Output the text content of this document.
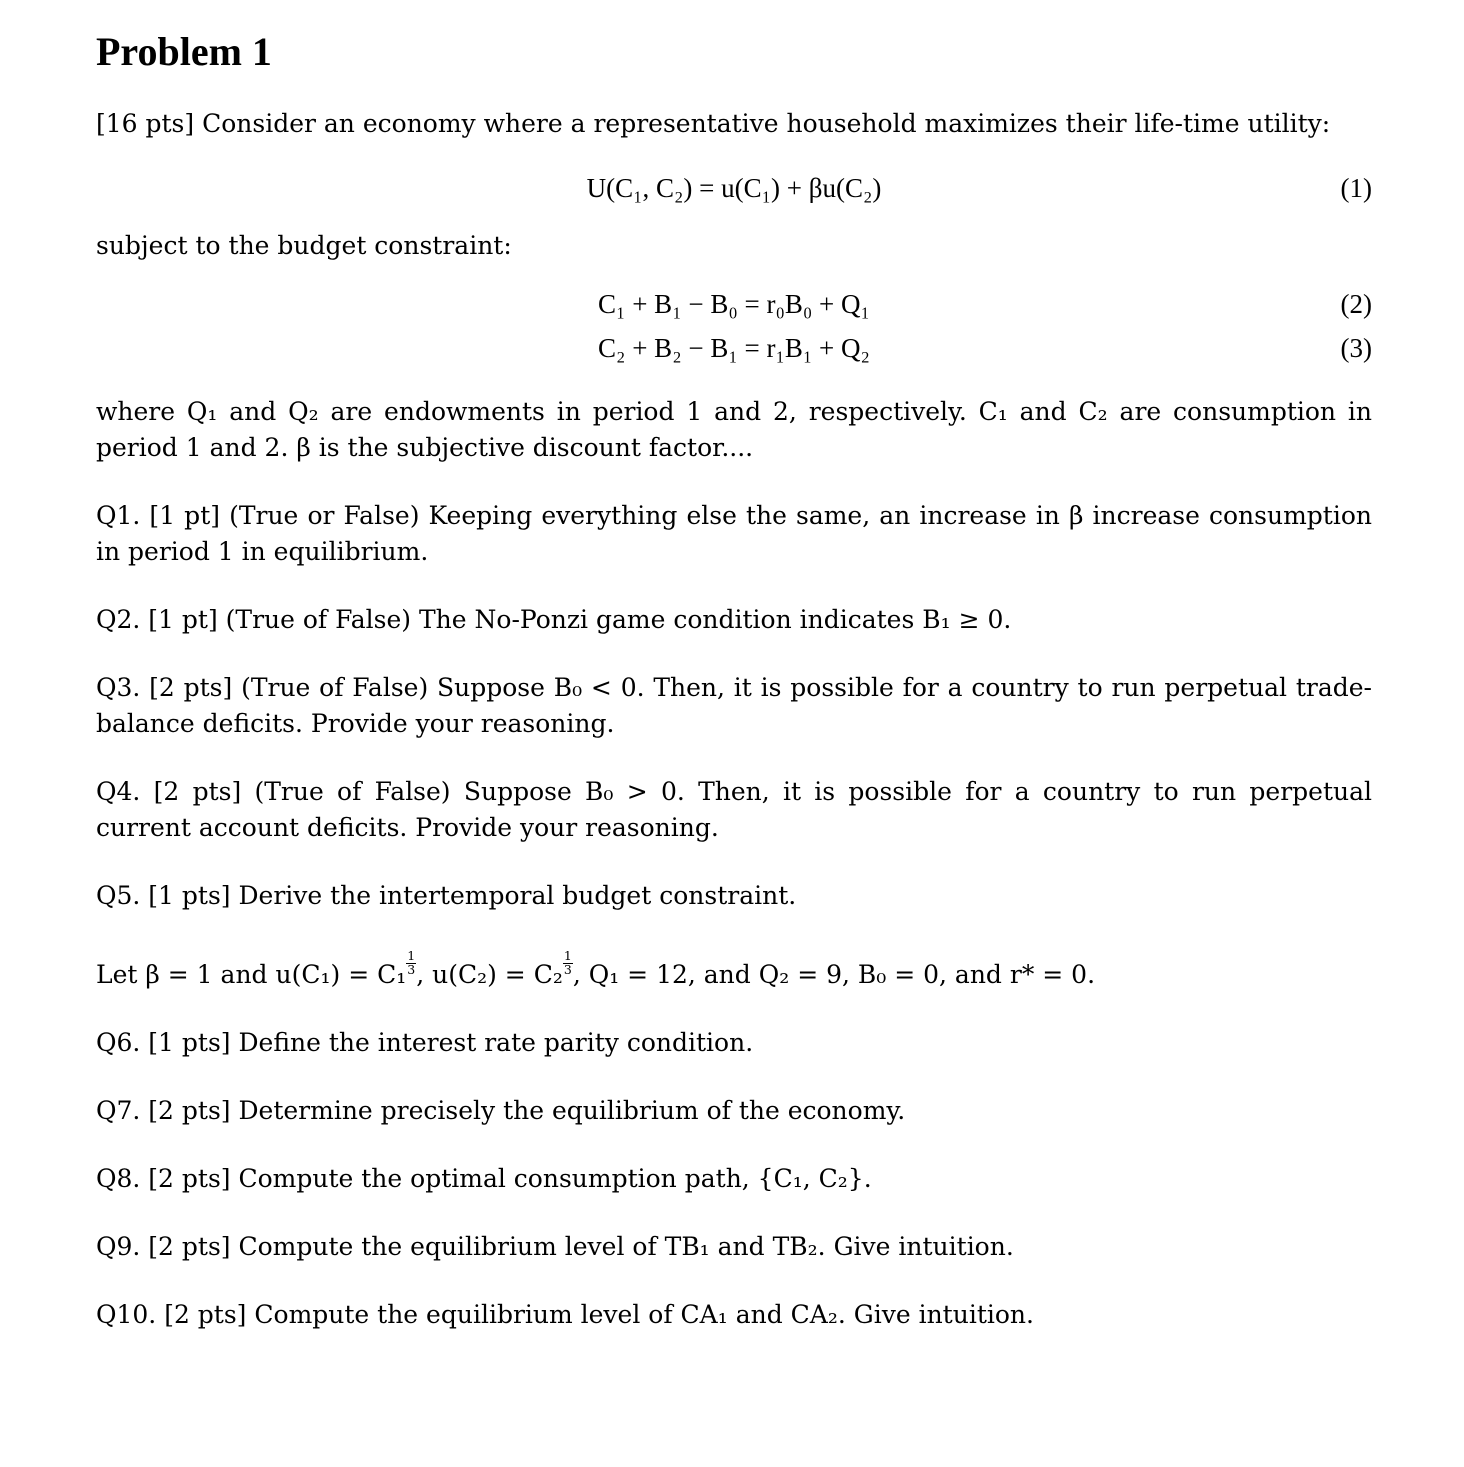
Problem 1

[16 pts] Consider an economy where a representative household maximizes their life-time utility:

U(C₁, C₂) = u(C₁) + βu(C₂)	(1)

subject to the budget constraint:

C₁ + B₁ − B₀ = r₀B₀ + Q₁	(2)
C₂ + B₂ − B₁ = r₁B₁ + Q₂	(3)

where Q₁ and Q₂ are endowments in period 1 and 2, respectively. C₁ and C₂ are consumption in period 1 and 2. β is the subjective discount factor....

Q1. [1 pt] (True or False) Keeping everything else the same, an increase in β increase consumption in period 1 in equilibrium.

Q2. [1 pt] (True of False) The No-Ponzi game condition indicates B₁ ≥ 0.

Q3. [2 pts] (True of False) Suppose B₀ < 0. Then, it is possible for a country to run perpetual trade-balance deficits. Provide your reasoning.

Q4. [2 pts] (True of False) Suppose B₀ > 0. Then, it is possible for a country to run perpetual current account deficits. Provide your reasoning.

Q5. [1 pts] Derive the intertemporal budget constraint.

Let β = 1 and $u(C_1) = C_1 \frac{1}{3}$ , $u(C_2) = C_2 \frac{1}{3}$ , Q₁ = 12, and Q₂ = 9, B₀ = 0, and r* = 0.

Q6. [1 pts] Define the interest rate parity condition.

Q7. [2 pts] Determine precisely the equilibrium of the economy.

Q8. [2 pts] Compute the optimal consumption path, {C₁, C₂}.

Q9. [2 pts] Compute the equilibrium level of TB₁ and TB₂. Give intuition.

Q10. [2 pts] Compute the equilibrium level of CA₁ and CA₂. Give intuition.
